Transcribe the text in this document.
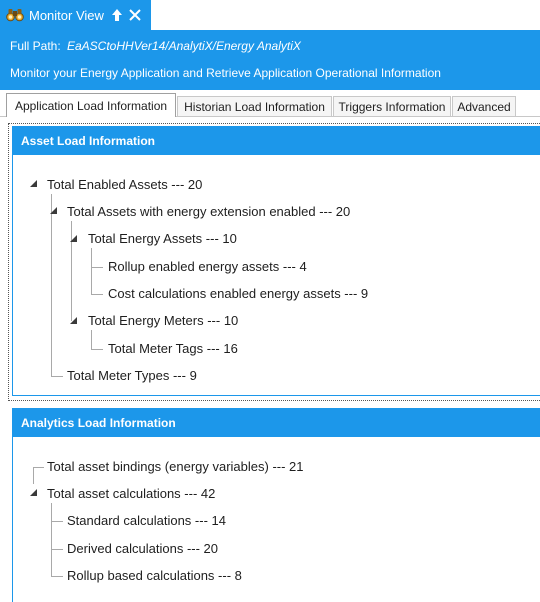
Monitor View
Full Path: EaASCtoHHVer14/AnalytiX/Energy AnalytiX
Monitor your Energy Application and Retrieve Application Operational Information
Application Load Information	Historian Load Information	Triggers Information Advanced
Asset Load Information
Total Enabled Assets --- 20
Total Assets with energy extension enabled --- 20
Total Energy Assets --- 10
Rollup enabled energy assets --- 4
Cost calculations enabled energy assets --- 9
Total Energy Meters --- 10
Total Meter Tags --- 16
Total Meter Types --- 9
Analytics Load Information
Total asset bindings (energy variables) --- 21
Total asset calculations --- 42
Standard calculations --- 14
Derived calculations --- 20
Rollup based calculations --- 8
